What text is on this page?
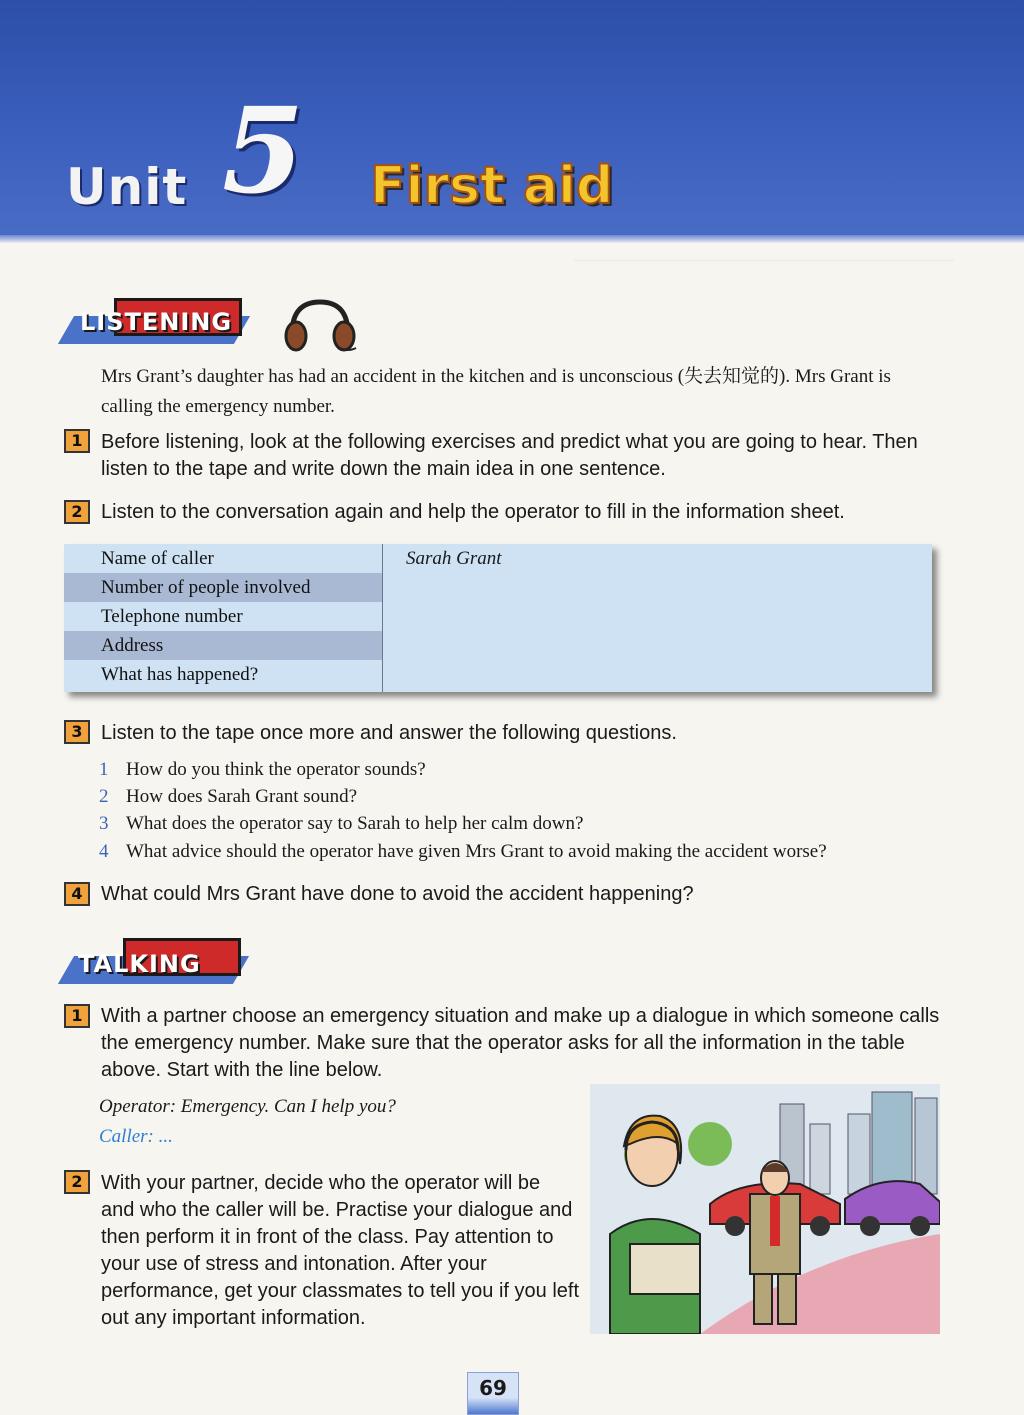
Unit 5 First aid
LISTENING
Mrs Grant’s daughter has had an accident in the kitchen and is unconscious (失去知觉的). Mrs Grant is calling the emergency number.
1 Before listening, look at the following exercises and predict what you are going to hear. Then listen to the tape and write down the main idea in one sentence.
2 Listen to the conversation again and help the operator to fill in the information sheet.
Name of caller	Sarah Grant
Number of people involved
Telephone number
Address
What has happened?
3 Listen to the tape once more and answer the following questions.
1 How do you think the operator sounds?
2 How does Sarah Grant sound?
3 What does the operator say to Sarah to help her calm down?
4 What advice should the operator have given Mrs Grant to avoid making the accident worse?
4 What could Mrs Grant have done to avoid the accident happening?
TALKING
1 With a partner choose an emergency situation and make up a dialogue in which someone calls the emergency number. Make sure that the operator asks for all the information in the table above. Start with the line below.
Operator: Emergency. Can I help you?
Caller: ...
2 With your partner, decide who the operator will be and who the caller will be. Practise your dialogue and then perform it in front of the class. Pay attention to your use of stress and intonation. After your performance, get your classmates to tell you if you left out any important information.
69
